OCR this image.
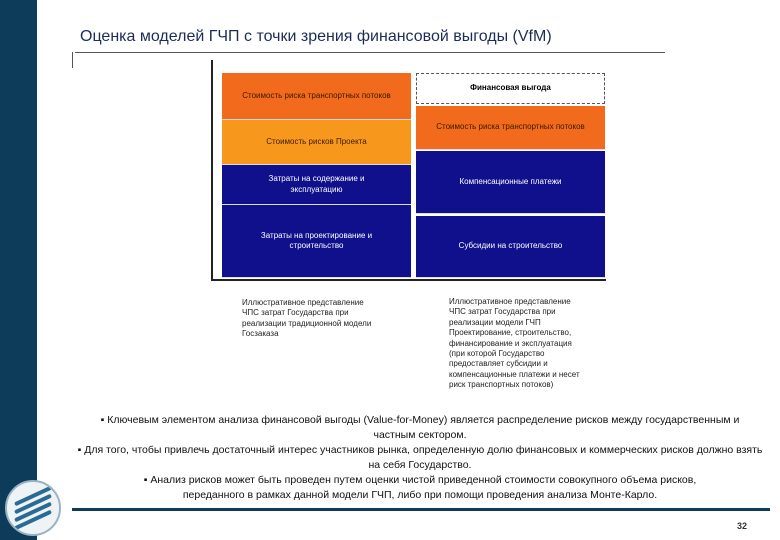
Оценка моделей ГЧП с точки зрения финансовой выгоды (VfM)
Стоимость риска транспортных потоков
Стоимость рисков Проекта
Затраты на содержание и эксплуатацию
Затраты на проектирование и строительство
Финансовая выгода
Стоимость риска транспортных потоков
Компенсационные платежи
Субсидии на строительство
Иллюстративное представление
ЧПС затрат Государства при
реализации традиционной модели
Госзаказа
Иллюстративное представление
ЧПС затрат Государства при
реализации модели ГЧП
Проектирование, строительство,
финансирование и эксплуатация
(при которой Государство
предоставляет субсидии и
компенсационные платежи и несет
риск транспортных потоков)
▪ Ключевым элементом анализа финансовой выгоды (Value-for-Money) является распределение рисков между государственным и частным сектором.
▪ Для того, чтобы привлечь достаточный интерес участников рынка, определенную долю финансовых и коммерческих рисков должно взять на себя Государство.
▪ Анализ рисков может быть проведен путем оценки чистой приведенной стоимости совокупного объема рисков, переданного в рамках данной модели ГЧП, либо при помощи проведения анализа Монте-Карло.
32
